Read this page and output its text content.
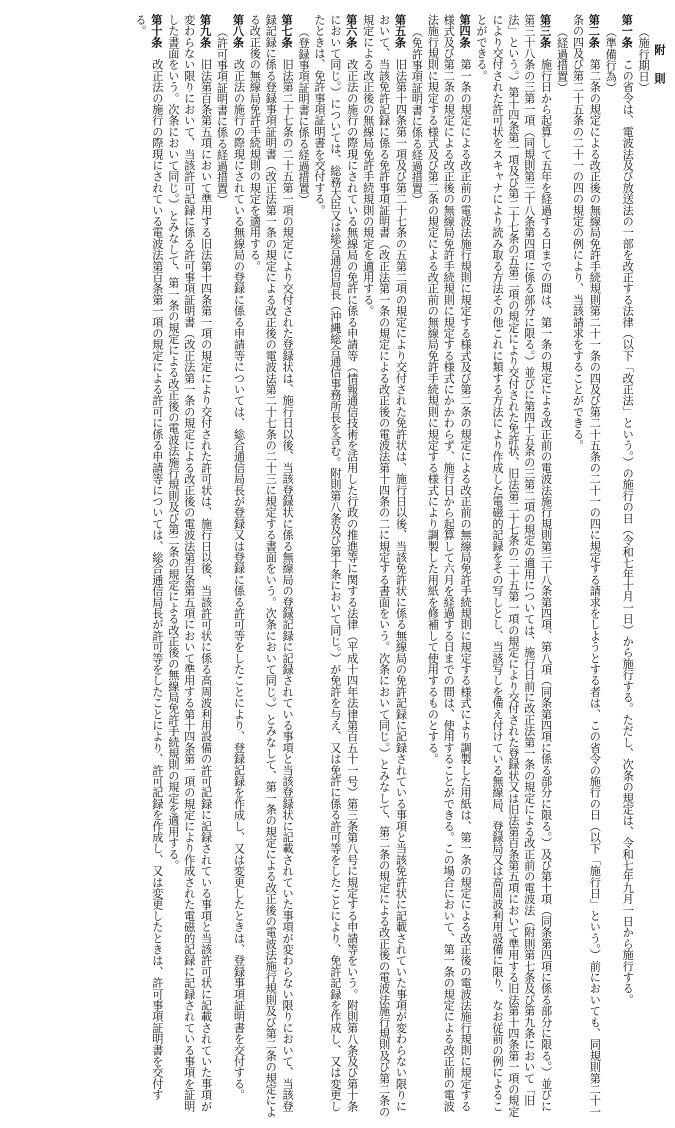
附 則
（施行期日）
第一条　この省令は、電波法及び放送法の一部を改正する法律（以下「改正法」という。）の施行の日（令和七年十月一日）から施行する。ただし、次条の規定は、令和七年九月一日から施行する。
（準備行為）
第二条　第二条の規定による改正後の無線局免許手続規則第二十一条の四及び第二十五条の二十一の四に規定する請求をしようとする者は、この省令の施行の日（以下「施行日」という。）前においても、同規則第二十一条の四及び第二十五条の二十一の四の規定の例により、当該請求をすることができる。
（経過措置）
第三条　施行日から起算して五年を経過する日までの間は、第一条の規定による改正前の電波法施行規則第三十八条第四項、第八項（同条第四項に係る部分に限る。）及び第十項（同条第四項に係る部分に限る。）並びに第三十八条の三第一項（同規則第三十八条第四項に係る部分に限る。）並びに第四十五条の三第二項の規定の適用については、施行日前に改正法第一条の規定による改正前の電波法（附則第七条及び第九条において「旧法」という。）第十四条第一項及び第二十七条の五第二項の規定により交付された免許状、旧法第二十七条の二十五第一項の規定により交付された登録状又は旧法第百条第五項において準用する旧法第十四条第一項の規定により交付された許可状をスキャナにより読み取る方法その他これに類する方法により作成した電磁的記録をその写しとし、当該写しを備え付けている無線局、登録局又は高周波利用設備に限り、なお従前の例によることができる。
第四条　第一条の規定による改正前の電波法施行規則に規定する様式及び第二条の規定による改正前の無線局免許手続規則に規定する様式により調製した用紙は、第一条の規定による改正後の電波法施行規則に規定する様式及び第二条の規定による改正後の無線局免許手続規則に規定する様式にかかわらず、施行日から起算して六月を経過する日までの間は、使用することができる。この場合において、第一条の規定による改正前の電波法施行規則に規定する様式及び第二条の規定による改正前の無線局免許手続規則に規定する様式により調製した用紙を修補して使用するものとする。
（免許事項証明書に係る経過措置）
第五条　旧法第十四条第一項及び第二十七条の五第二項の規定により交付された免許状は、施行日以後、当該免許状に係る無線局の免許記録に記録されている事項と当該免許状に記載されていた事項が変わらない限りにおいて、当該免許記録に係る免許事項証明書（改正法第一条の規定による改正後の電波法第十四条の二に規定する書面をいう。次条において同じ。）とみなして、第二条の規定による改正後の電波法施行規則及び第二条の規定による改正後の無線局免許手続規則の規定を適用する。
第六条　改正法の施行の際現にされている無線局の免許に係る申請等（情報通信技術を活用した行政の推進等に関する法律（平成十四年法律第百五十一号）第三条第八号に規定する申請等をいう。附則第八条及び第十条において同じ。）については、総務大臣又は総合通信局長（沖縄総合通信事務所長を含む。附則第八条及び第十条において同じ。）が免許を与え、又は免許に係る許可等をしたことにより、免許記録を作成し、又は変更したときは、免許事項証明書を交付する。
（登録事項証明書に係る経過措置）
第七条　旧法第二十七条の二十五第一項の規定により交付された登録状は、施行日以後、当該登録状に係る無線局の登録記録に記録されている事項と当該登録状に記載されていた事項が変わらない限りにおいて、当該登録記録に係る登録事項証明書（改正法第一条の規定による改正後の電波法第二十七条の二十三に規定する書面をいう。次条において同じ。）とみなして、第一条の規定による改正後の電波法施行規則及び第二条の規定による改正後の無線局免許手続規則の規定を適用する。
第八条　改正法の施行の際現にされている無線局の登録に係る申請等については、総合通信局長が登録又は登録に係る許可等をしたことにより、登録記録を作成し、又は変更したときは、登録事項証明書を交付する。
（許可事項証明書に係る経過措置）
第九条　旧法第百条第五項において準用する旧法第十四条第一項の規定により交付された許可状は、施行日以後、当該許可状に係る高周波利用設備の許可記録に記録されている事項と当該許可状に記載されていた事項が変わらない限りにおいて、当該許可記録に係る許可事項証明書（改正法第一条の規定による改正後の電波法第百条第五項において準用する第十四条第一項の規定により作成された電磁的記録に記録されている事項を証明した書面をいう。次条において同じ。）とみなして、第一条の規定による改正後の電波法施行規則及び第二条の規定による改正後の無線局免許手続規則の規定を適用する。
第十条　改正法の施行の際現にされている電波法第百条第一項の規定による許可に係る申請等については、総合通信局長が許可等をしたことにより、許可記録を作成し、又は変更したときは、許可事項証明書を交付する。
